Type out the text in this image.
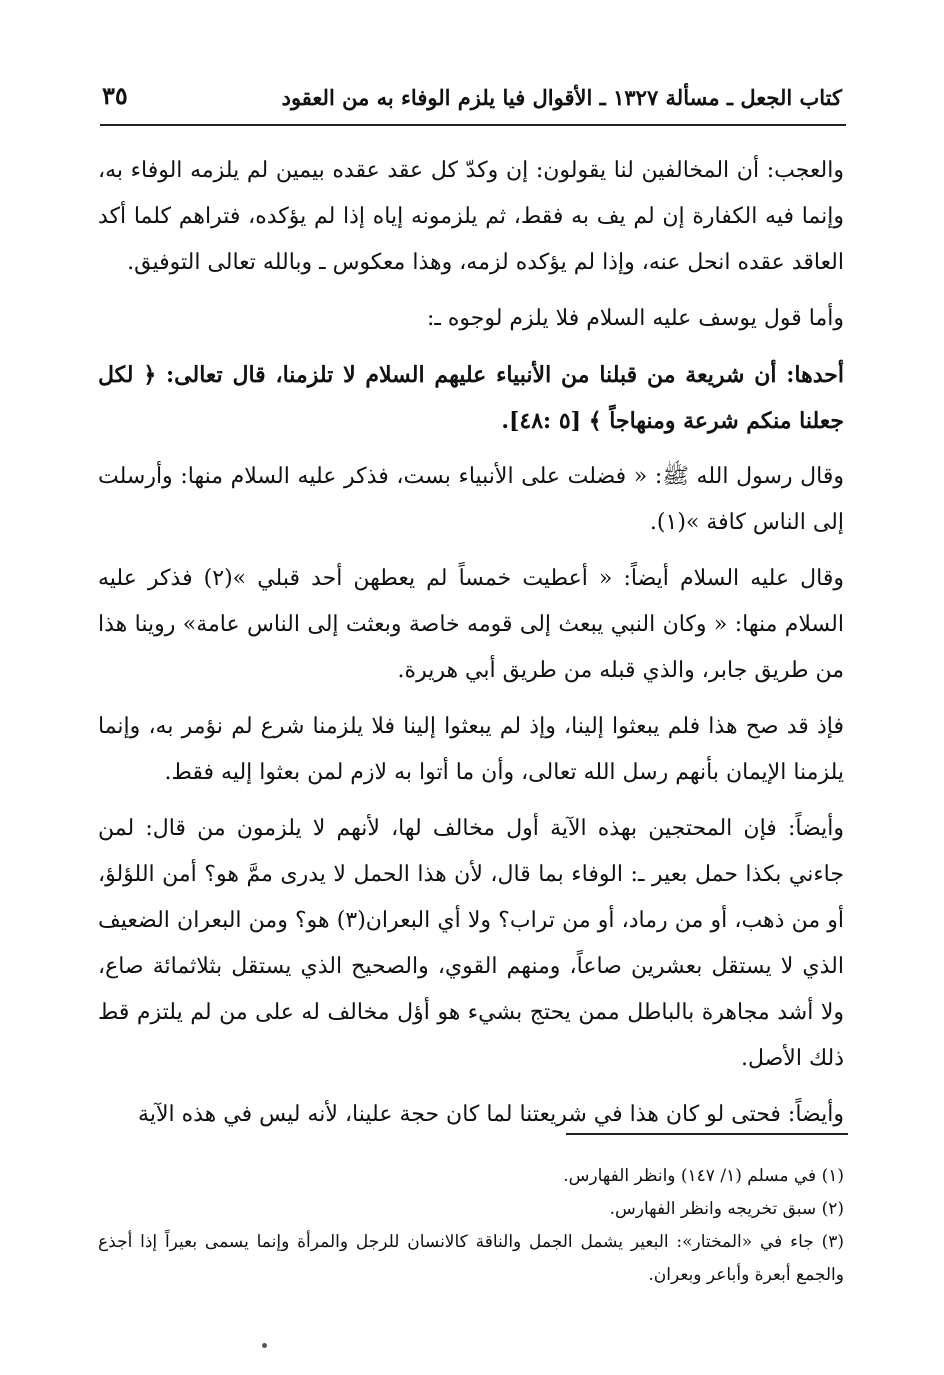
كتاب الجعل ـ مسألة ١٣٢٧ ـ الأقوال فيا يلزم الوفاء به من العقود
٣٥

والعجب: أن المخالفين لنا يقولون: إن وكدّ كل عقد عقده بيمين لم يلزمه الوفاء به، وإنما فيه الكفارة إن لم يف به فقط، ثم يلزمونه إياه إذا لم يؤكده، فتراهم كلما أكد العاقد عقده انحل عنه، وإذا لم يؤكده لزمه، وهذا معكوس ـ وبالله تعالى التوفيق.

وأما قول يوسف عليه السلام فلا يلزم لوجوه ـ:

أحدها: أن شريعة من قبلنا من الأنبياء عليهم السلام لا تلزمنا، قال تعالى: ﴿ لكل جعلنا منكم شرعة ومنهاجاً ﴾ [٥ :٤٨].

وقال رسول الله ﷺ: « فضلت على الأنبياء بست، فذكر عليه السلام منها: وأرسلت إلى الناس كافة »(١).

وقال عليه السلام أيضاً: « أعطيت خمساً لم يعطهن أحد قبلي »(٢) فذكر عليه السلام منها: « وكان النبي يبعث إلى قومه خاصة وبعثت إلى الناس عامة» روينا هذا من طريق جابر، والذي قبله من طريق أبي هريرة.

فإذ قد صح هذا فلم يبعثوا إلينا، وإذ لم يبعثوا إلينا فلا يلزمنا شرع لم نؤمر به، وإنما يلزمنا الإيمان بأنهم رسل الله تعالى، وأن ما أتوا به لازم لمن بعثوا إليه فقط.

وأيضاً: فإن المحتجين بهذه الآية أول مخالف لها، لأنهم لا يلزمون من قال: لمن جاءني بكذا حمل بعير ـ: الوفاء بما قال، لأن هذا الحمل لا يدرى ممَّ هو؟ أمن اللؤلؤ، أو من ذهب، أو من رماد، أو من تراب؟ ولا أي البعران(٣) هو؟ ومن البعران الضعيف الذي لا يستقل بعشرين صاعاً، ومنهم القوي، والصحيح الذي يستقل بثلاثمائة صاع، ولا أشد مجاهرة بالباطل ممن يحتج بشيء هو أؤل مخالف له على من لم يلتزم قط ذلك الأصل.

وأيضاً: فحتى لو كان هذا في شريعتنا لما كان حجة علينا، لأنه ليس في هذه الآية

(١) في مسلم (١/ ١٤٧) وانظر الفهارس.

(٢) سبق تخريجه وانظر الفهارس.

(٣) جاء في «المختار»: البعير يشمل الجمل والناقة كالانسان للرجل والمرأة وإنما يسمى بعيراً إذا أجذع والجمع أبعرة وأباعر وبعران.
